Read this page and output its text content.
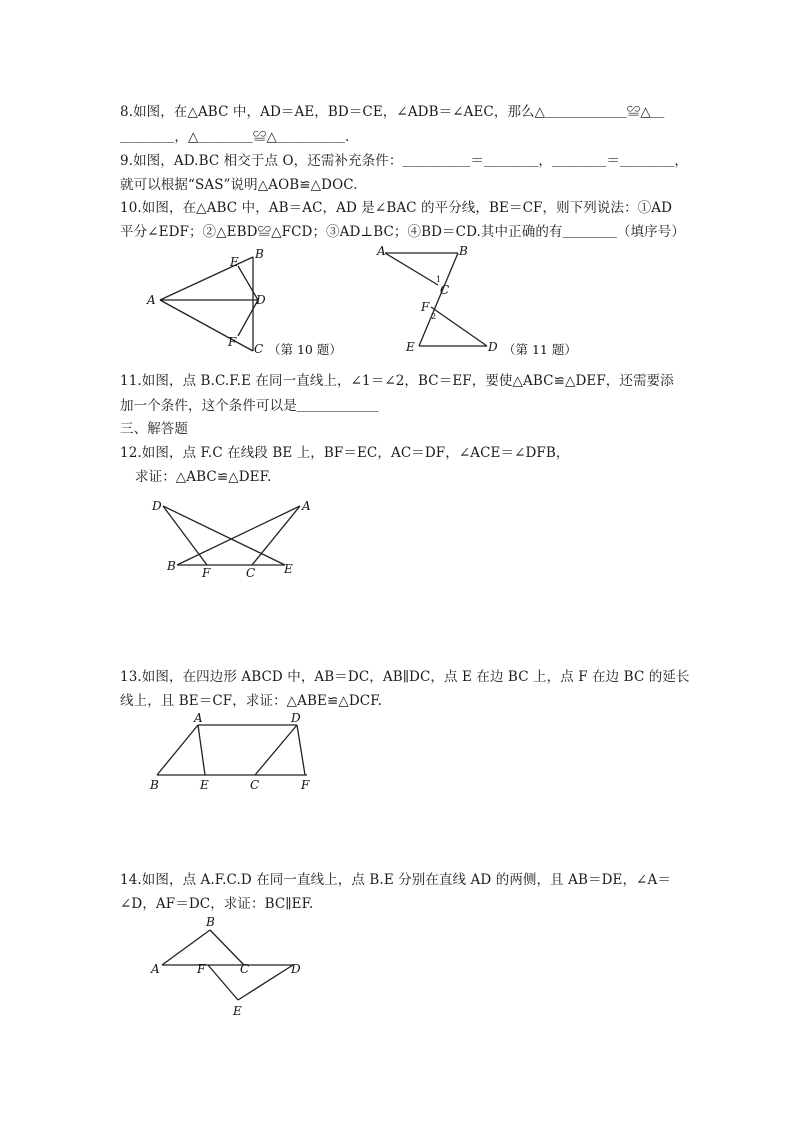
8.如图，在△ABC 中，AD＝AE，BD＝CE，∠ADB＝∠AEC，那么△＿＿＿＿＿＿≌△＿
＿＿＿＿，△＿＿＿＿≌△＿＿＿＿＿.
9.如图，AD.BC 相交于点 O，还需补充条件：＿＿＿＿＿＝＿＿＿＿，＿＿＿＿＝＿＿＿＿，
就可以根据“SAS”说明△AOB≌△DOC.
10.如图，在△ABC 中，AB＝AC，AD 是∠BAC 的平分线，BE＝CF，则下列说法：①AD
平分∠EDF；②△EBD≌△FCD；③AD⊥BC；④BD＝CD.其中正确的有＿＿＿＿（填序号）
A
B
E
D
F C （第 10 题）
A	B
C
F
E	D
1
2
（第 11 题）
11.如图，点 B.C.F.E 在同一直线上，∠1＝∠2，BC＝EF，要使△ABC≌△DEF，还需要添
加一个条件，这个条件可以是＿＿＿＿＿＿
三、解答题
12.如图，点 F.C 在线段 BE 上，BF＝EC，AC＝DF，∠ACE＝∠DFB，
求证：△ABC≌△DEF.
D	A
B F	C E
13.如图，在四边形 ABCD 中，AB＝DC，AB∥DC，点 E 在边 BC 上，点 F 在边 BC 的延长
线上，且 BE＝CF，求证：△ABE≌△DCF.
A	D
B	E	C	F
14.如图，点 A.F.C.D 在同一直线上，点 B.E 分别在直线 AD 的两侧，且 AB＝DE，∠A＝
∠D，AF＝DC，求证：BC∥EF.
B
A	F	C	D
E
